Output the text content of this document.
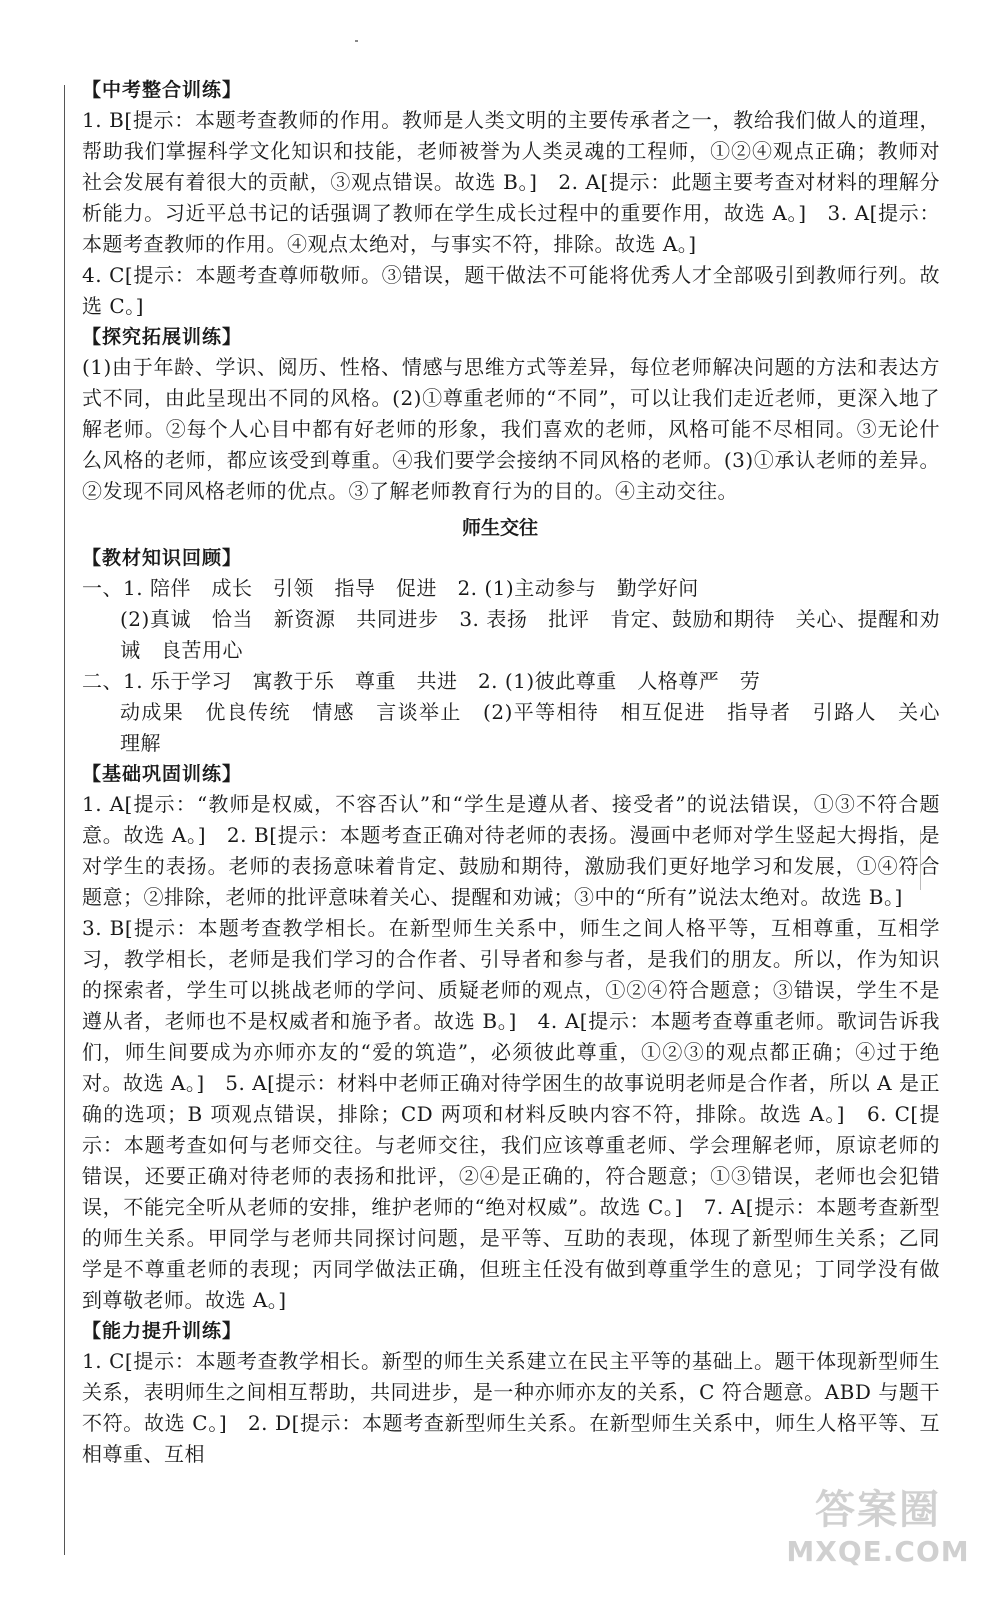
【中考整合训练】

1. B[提示：本题考查教师的作用。教师是人类文明的主要传承者之一，教给我们做人的道理，帮助我们掌握科学文化知识和技能，老师被誉为人类灵魂的工程师，①②④观点正确；教师对社会发展有着很大的贡献，③观点错误。故选 B。]　2. A[提示：此题主要考查对材料的理解分析能力。习近平总书记的话强调了教师在学生成长过程中的重要作用，故选 A。]　3. A[提示：本题考查教师的作用。④观点太绝对，与事实不符，排除。故选 A。]

4. C[提示：本题考查尊师敬师。③错误，题干做法不可能将优秀人才全部吸引到教师行列。故选 C。]

【探究拓展训练】

(1)由于年龄、学识、阅历、性格、情感与思维方式等差异，每位老师解决问题的方法和表达方式不同，由此呈现出不同的风格。(2)①尊重老师的“不同”，可以让我们走近老师，更深入地了解老师。②每个人心目中都有好老师的形象，我们喜欢的老师，风格可能不尽相同。③无论什么风格的老师，都应该受到尊重。④我们要学会接纳不同风格的老师。(3)①承认老师的差异。②发现不同风格老师的优点。③了解老师教育行为的目的。④主动交往。

师生交往
【教材知识回顾】

一、1. 陪伴　成长　引领　指导　促进　2. (1)主动参与　勤学好问

(2)真诚　恰当　新资源　共同进步　3. 表扬　批评　肯定、鼓励和期待　关心、提醒和劝诫　良苦用心

二、1. 乐于学习　寓教于乐　尊重　共进　2. (1)彼此尊重　人格尊严　劳

动成果　优良传统　情感　言谈举止　(2)平等相待　相互促进　指导者　引路人　关心　理解

【基础巩固训练】

1. A[提示：“教师是权威，不容否认”和“学生是遵从者、接受者”的说法错误，①③不符合题意。故选 A。]　2. B[提示：本题考查正确对待老师的表扬。漫画中老师对学生竖起大拇指，是对学生的表扬。老师的表扬意味着肯定、鼓励和期待，激励我们更好地学习和发展，①④符合题意；②排除，老师的批评意味着关心、提醒和劝诫；③中的“所有”说法太绝对。故选 B。]

3. B[提示：本题考查教学相长。在新型师生关系中，师生之间人格平等，互相尊重，互相学习，教学相长，老师是我们学习的合作者、引导者和参与者，是我们的朋友。所以，作为知识的探索者，学生可以挑战老师的学问、质疑老师的观点，①②④符合题意；③错误，学生不是遵从者，老师也不是权威者和施予者。故选 B。]　4. A[提示：本题考查尊重老师。歌词告诉我们，师生间要成为亦师亦友的“爱的筑造”，必须彼此尊重，①②③的观点都正确；④过于绝对。故选 A。]　5. A[提示：材料中老师正确对待学困生的故事说明老师是合作者，所以 A 是正确的选项；B 项观点错误，排除；CD 两项和材料反映内容不符，排除。故选 A。]　6. C[提示：本题考查如何与老师交往。与老师交往，我们应该尊重老师、学会理解老师，原谅老师的错误，还要正确对待老师的表扬和批评，②④是正确的，符合题意；①③错误，老师也会犯错误，不能完全听从老师的安排，维护老师的“绝对权威”。故选 C。]　7. A[提示：本题考查新型的师生关系。甲同学与老师共同探讨问题，是平等、互助的表现，体现了新型师生关系；乙同学是不尊重老师的表现；丙同学做法正确，但班主任没有做到尊重学生的意见；丁同学没有做到尊敬老师。故选 A。]

【能力提升训练】

1. C[提示：本题考查教学相长。新型的师生关系建立在民主平等的基础上。题干体现新型师生关系，表明师生之间相互帮助，共同进步，是一种亦师亦友的关系，C 符合题意。ABD 与题干不符。故选 C。]　2. D[提示：本题考查新型师生关系。在新型师生关系中，师生人格平等、互相尊重、互相

答案圈
MXQE.COM
